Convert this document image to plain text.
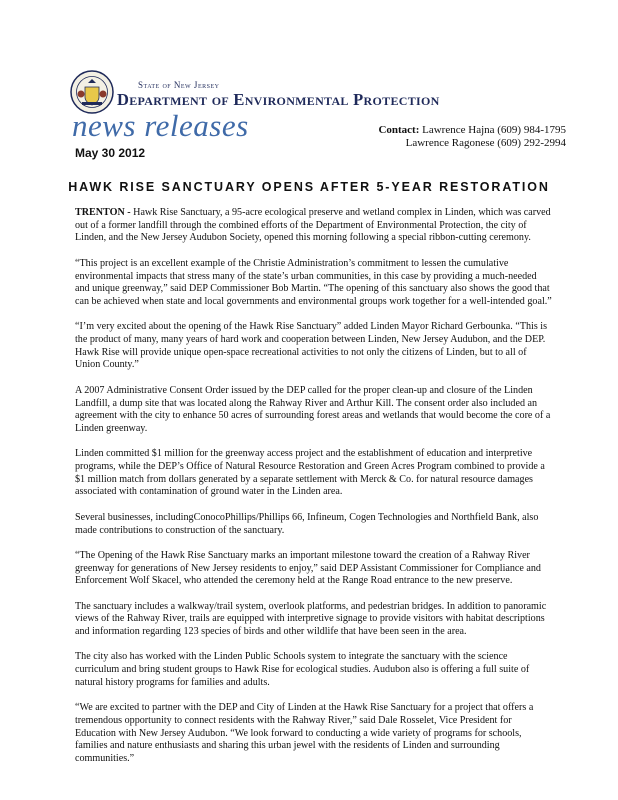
State of New Jersey
Department of Environmental Protection
news releases
May 30 2012
Contact: Lawrence Hajna (609) 984-1795
Lawrence Ragonese (609) 292-2994
HAWK RISE SANCTUARY OPENS AFTER 5-YEAR RESTORATION

TRENTON - Hawk Rise Sanctuary, a 95-acre ecological preserve and wetland complex in Linden, which was carved out of a former landfill through the combined efforts of the Department of Environmental Protection, the city of Linden, and the New Jersey Audubon Society, opened this morning following a special ribbon-cutting ceremony.

“This project is an excellent example of the Christie Administration’s commitment to lessen the cumulative environmental impacts that stress many of the state’s urban communities, in this case by providing a much-needed and unique greenway,” said DEP Commissioner Bob Martin. “The opening of this sanctuary also shows the good that can be achieved when state and local governments and environmental groups work together for a well-intended goal.”

“I’m very excited about the opening of the Hawk Rise Sanctuary” added Linden Mayor Richard Gerbounka. “This is the product of many, many years of hard work and cooperation between Linden, New Jersey Audubon, and the DEP. Hawk Rise will provide unique open-space recreational activities to not only the citizens of Linden, but to all of Union County.”

A 2007 Administrative Consent Order issued by the DEP called for the proper clean-up and closure of the Linden Landfill, a dump site that was located along the Rahway River and Arthur Kill. The consent order also included an agreement with the city to enhance 50 acres of surrounding forest areas and wetlands that would become the core of a Linden greenway.

Linden committed $1 million for the greenway access project and the establishment of education and interpretive programs, while the DEP’s Office of Natural Resource Restoration and Green Acres Program combined to provide a $1 million match from dollars generated by a separate settlement with Merck & Co. for natural resource damages associated with contamination of ground water in the Linden area.

Several businesses, includingConocoPhillips/Phillips 66, Infineum, Cogen Technologies and Northfield Bank, also made contributions to construction of the sanctuary.

“The Opening of the Hawk Rise Sanctuary marks an important milestone toward the creation of a Rahway River greenway for generations of New Jersey residents to enjoy,” said DEP Assistant Commissioner for Compliance and Enforcement Wolf Skacel, who attended the ceremony held at the Range Road entrance to the new preserve.

The sanctuary includes a walkway/trail system, overlook platforms, and pedestrian bridges. In addition to panoramic views of the Rahway River, trails are equipped with interpretive signage to provide visitors with habitat descriptions and information regarding 123 species of birds and other wildlife that have been seen in the area.

The city also has worked with the Linden Public Schools system to integrate the sanctuary with the science curriculum and bring student groups to Hawk Rise for ecological studies. Audubon also is offering a full suite of natural history programs for families and adults.

“We are excited to partner with the DEP and City of Linden at the Hawk Rise Sanctuary for a project that offers a tremendous opportunity to connect residents with the Rahway River,” said Dale Rosselet, Vice President for Education with New Jersey Audubon. “We look forward to conducting a wide variety of programs for schools, families and nature enthusiasts and sharing this urban jewel with the residents of Linden and surrounding communities.”
